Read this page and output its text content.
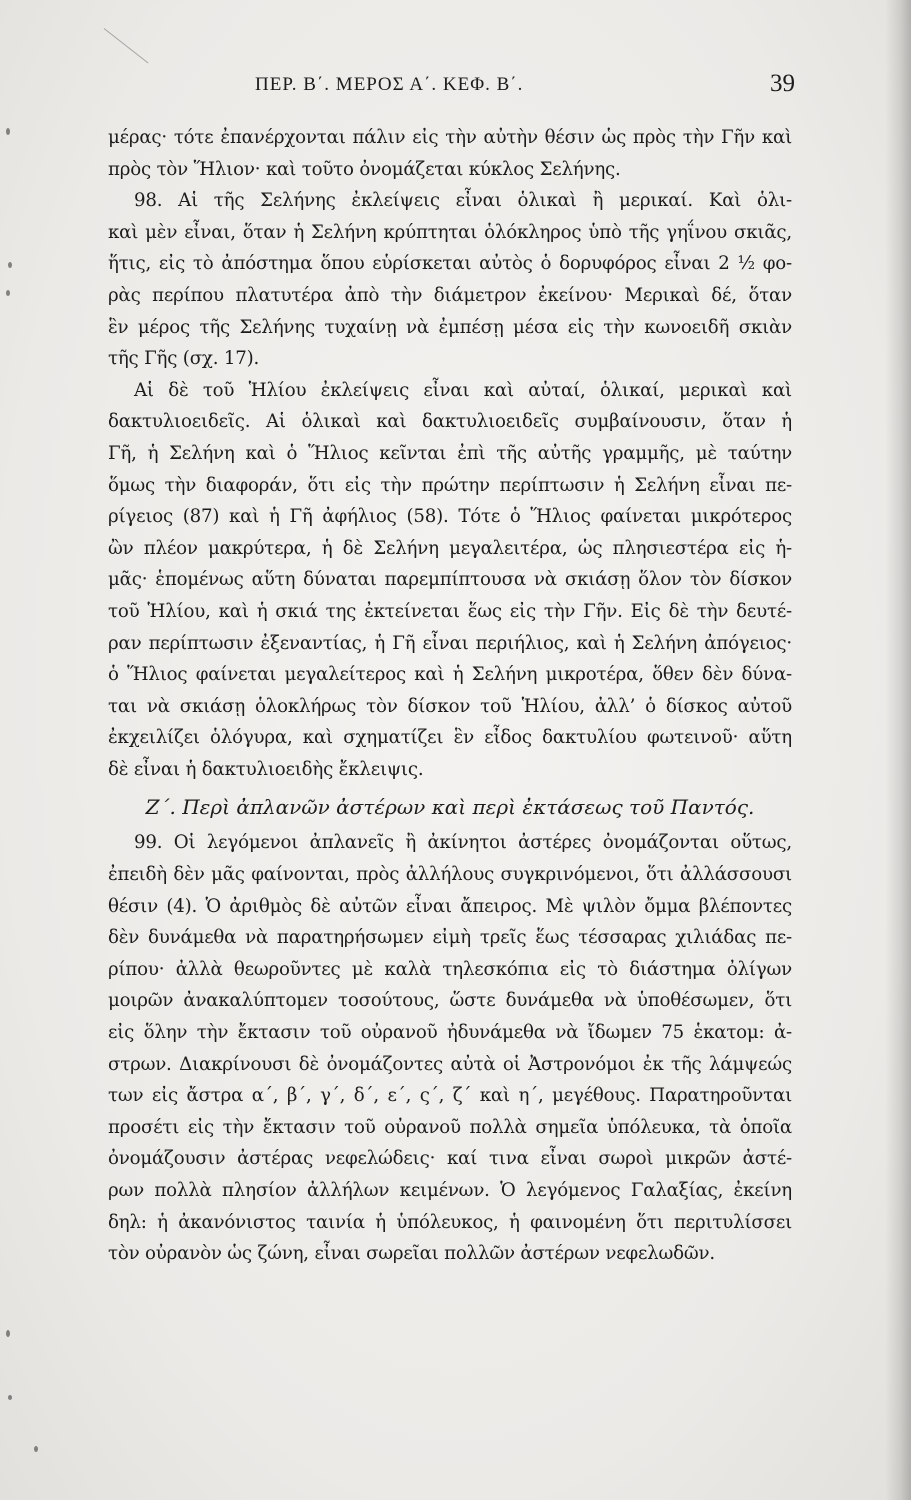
ΠΕΡ. Β΄. ΜΕΡΟΣ Α΄. ΚΕΦ. Β΄.	39
μέρας· τότε ἐπανέρχονται πάλιν εἰς τὴν αὐτὴν θέσιν ὡς πρὸς τὴν Γῆν καὶ
πρὸς τὸν Ἥλιον· καὶ τοῦτο ὀνομάζεται κύκλος Σελήνης.
98. Αἱ τῆς Σελήνης ἐκλείψεις εἶναι ὁλικαὶ ἢ μερικαί. Καὶ ὁλι-
καὶ μὲν εἶναι, ὅταν ἡ Σελήνη κρύπτηται ὁλόκληρος ὑπὸ τῆς γηΐνου σκιᾶς,
ἥτις, εἰς τὸ ἀπόστημα ὅπου εὑρίσκεται αὐτὸς ὁ δορυφόρος εἶναι 2 ½ φο-
ρὰς περίπου πλατυτέρα ἀπὸ τὴν διάμετρον ἐκείνου· Μερικαὶ δέ, ὅταν
ἓν μέρος τῆς Σελήνης τυχαίνῃ νὰ ἐμπέσῃ μέσα εἰς τὴν κωνοειδῆ σκιὰν
τῆς Γῆς (σχ. 17).
Αἱ δὲ τοῦ Ἡλίου ἐκλείψεις εἶναι καὶ αὐταί, ὁλικαί, μερικαὶ καὶ
δακτυλιοειδεῖς. Αἱ ὁλικαὶ καὶ δακτυλιοειδεῖς συμβαίνουσιν, ὅταν ἡ
Γῆ, ἡ Σελήνη καὶ ὁ Ἥλιος κεῖνται ἐπὶ τῆς αὐτῆς γραμμῆς, μὲ ταύτην
ὅμως τὴν διαφοράν, ὅτι εἰς τὴν πρώτην περίπτωσιν ἡ Σελήνη εἶναι πε-
ρίγειος (87) καὶ ἡ Γῆ ἀφήλιος (58). Τότε ὁ Ἥλιος φαίνεται μικρότερος
ὢν πλέον μακρύτερα, ἡ δὲ Σελήνη μεγαλειτέρα, ὡς πλησιεστέρα εἰς ἡ-
μᾶς· ἑπομένως αὕτη δύναται παρεμπίπτουσα νὰ σκιάσῃ ὅλον τὸν δίσκον
τοῦ Ἡλίου, καὶ ἡ σκιά της ἐκτείνεται ἕως εἰς τὴν Γῆν. Εἰς δὲ τὴν δευτέ-
ραν περίπτωσιν ἐξεναντίας, ἡ Γῆ εἶναι περιήλιος, καὶ ἡ Σελήνη ἀπόγειος·
ὁ Ἥλιος φαίνεται μεγαλείτερος καὶ ἡ Σελήνη μικροτέρα, ὅθεν δὲν δύνα-
ται νὰ σκιάσῃ ὁλοκλήρως τὸν δίσκον τοῦ Ἡλίου, ἀλλ’ ὁ δίσκος αὐτοῦ
ἐκχειλίζει ὁλόγυρα, καὶ σχηματίζει ἓν εἶδος δακτυλίου φωτεινοῦ· αὕτη
δὲ εἶναι ἡ δακτυλιοειδὴς ἔκλειψις.
Ζ΄. Περὶ ἀπλανῶν ἀστέρων καὶ περὶ ἐκτάσεως τοῦ Παντός.
99. Οἱ λεγόμενοι ἀπλανεῖς ἢ ἀκίνητοι ἀστέρες ὀνομάζονται οὕτως,
ἐπειδὴ δὲν μᾶς φαίνονται, πρὸς ἀλλήλους συγκρινόμενοι, ὅτι ἀλλάσσουσι
θέσιν (4). Ὁ ἀριθμὸς δὲ αὐτῶν εἶναι ἄπειρος. Μὲ ψιλὸν ὄμμα βλέποντες
δὲν δυνάμεθα νὰ παρατηρήσωμεν εἰμὴ τρεῖς ἕως τέσσαρας χιλιάδας πε-
ρίπου· ἀλλὰ θεωροῦντες μὲ καλὰ τηλεσκόπια εἰς τὸ διάστημα ὀλίγων
μοιρῶν ἀνακαλύπτομεν τοσούτους, ὥστε δυνάμεθα νὰ ὑποθέσωμεν, ὅτι
εἰς ὅλην τὴν ἔκτασιν τοῦ οὐρανοῦ ἠδυνάμεθα νὰ ἴδωμεν 75 ἑκατομ: ἀ-
στρων. Διακρίνουσι δὲ ὀνομάζοντες αὐτὰ οἱ Ἀστρονόμοι ἐκ τῆς λάμψεώς
των εἰς ἄστρα α΄, β΄, γ΄, δ΄, ε΄, ς΄, ζ΄ καὶ η΄, μεγέθους. Παρατηροῦνται
προσέτι εἰς τὴν ἔκτασιν τοῦ οὐρανοῦ πολλὰ σημεῖα ὑπόλευκα, τὰ ὁποῖα
ὀνομάζουσιν ἀστέρας νεφελώδεις· καί τινα εἶναι σωροὶ μικρῶν ἀστέ-
ρων πολλὰ πλησίον ἀλλήλων κειμένων. Ὁ λεγόμενος Γαλαξίας, ἐκείνη
δηλ: ἡ ἀκανόνιστος ταινία ἡ ὑπόλευκος, ἡ φαινομένη ὅτι περιτυλίσσει
τὸν οὐρανὸν ὡς ζώνη, εἶναι σωρεῖαι πολλῶν ἀστέρων νεφελωδῶν.
